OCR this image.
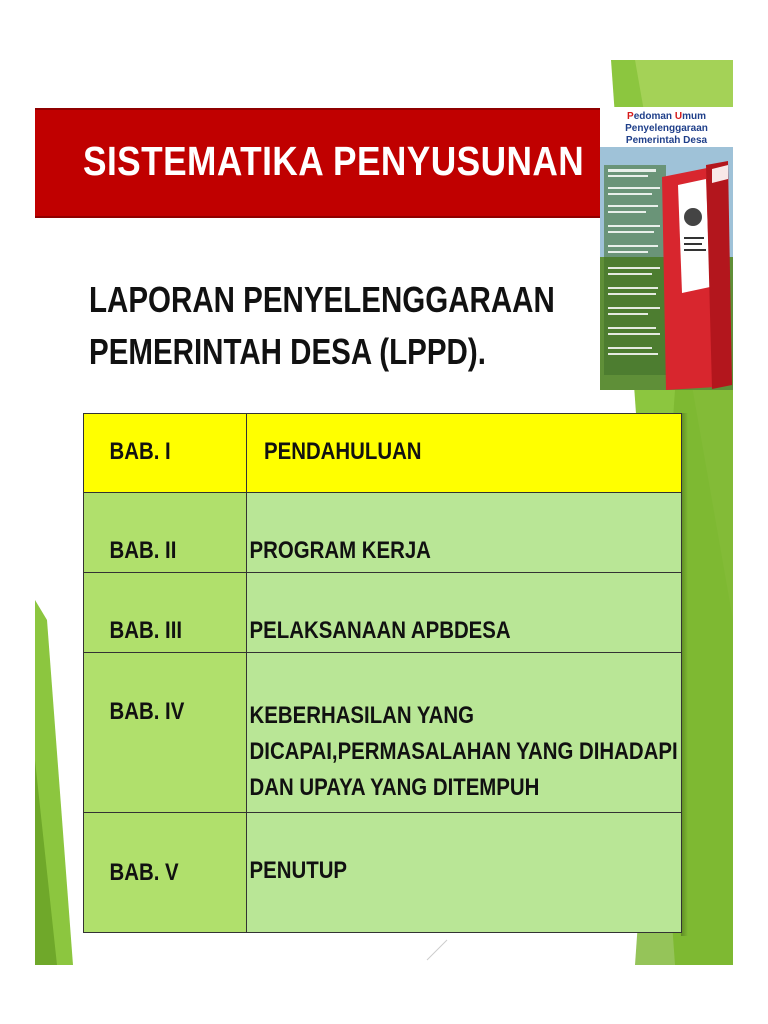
SISTEMATIKA PENYUSUNAN
Pedoman Umum
Penyelenggaraan Pemerintah Desa
LAPORAN PENYELENGGARAAN
PEMERINTAH DESA (LPPD).
BAB. I	PENDAHULUAN

BAB. II	PROGRAM KERJA

BAB. III	PELAKSANAAN APBDESA

BAB. IV	KEBERHASILAN YANG
DICAPAI,PERMASALAHAN YANG DIHADAPI
DAN UPAYA YANG DITEMPUH

BAB. V	PENUTUP
